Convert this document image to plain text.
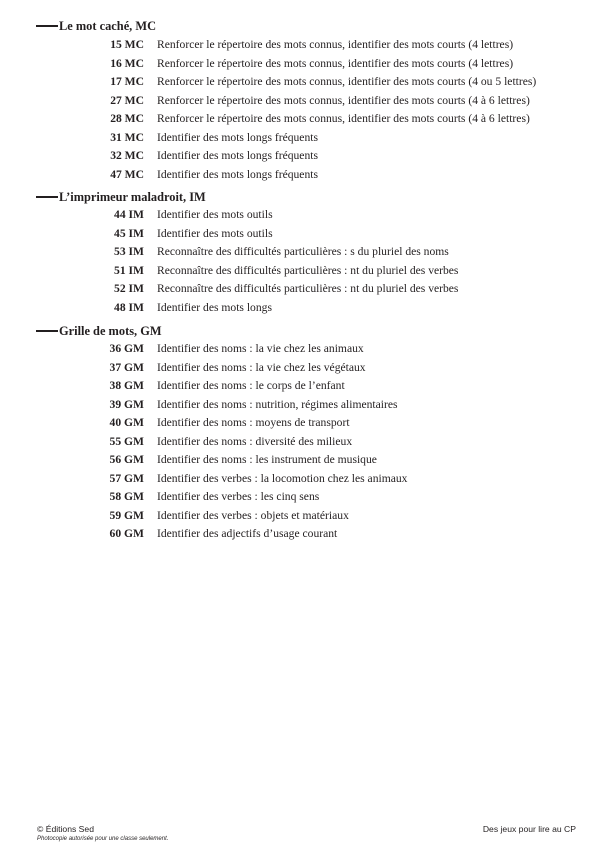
Le mot caché, MC
15 MC Renforcer le répertoire des mots connus, identifier des mots courts (4 lettres)
16 MC Renforcer le répertoire des mots connus, identifier des mots courts (4 lettres)
17 MC Renforcer le répertoire des mots connus, identifier des mots courts (4 ou 5 lettres)
27 MC Renforcer le répertoire des mots connus, identifier des mots courts (4 à 6 lettres)
28 MC Renforcer le répertoire des mots connus, identifier des mots courts (4 à 6 lettres)
31 MC Identifier des mots longs fréquents
32 MC Identifier des mots longs fréquents
47 MC Identifier des mots longs fréquents
L’imprimeur maladroit, IM
44 IM Identifier des mots outils
45 IM Identifier des mots outils
53 IM Reconnaître des difficultés particulières : s du pluriel des noms
51 IM Reconnaître des difficultés particulières : nt du pluriel des verbes
52 IM Reconnaître des difficultés particulières : nt du pluriel des verbes
48 IM Identifier des mots longs
Grille de mots, GM
36 GM Identifier des noms : la vie chez les animaux
37 GM Identifier des noms : la vie chez les végétaux
38 GM Identifier des noms : le corps de l’enfant
39 GM Identifier des noms : nutrition, régimes alimentaires
40 GM Identifier des noms : moyens de transport
55 GM Identifier des noms : diversité des milieux
56 GM Identifier des noms : les instrument de musique
57 GM Identifier des verbes : la locomotion chez les animaux
58 GM Identifier des verbes : les cinq sens
59 GM Identifier des verbes : objets et matériaux
60 GM Identifier des adjectifs d’usage courant
© Éditions Sed
Photocopie autorisée pour une classe seulement.
Des jeux pour lire au CP
